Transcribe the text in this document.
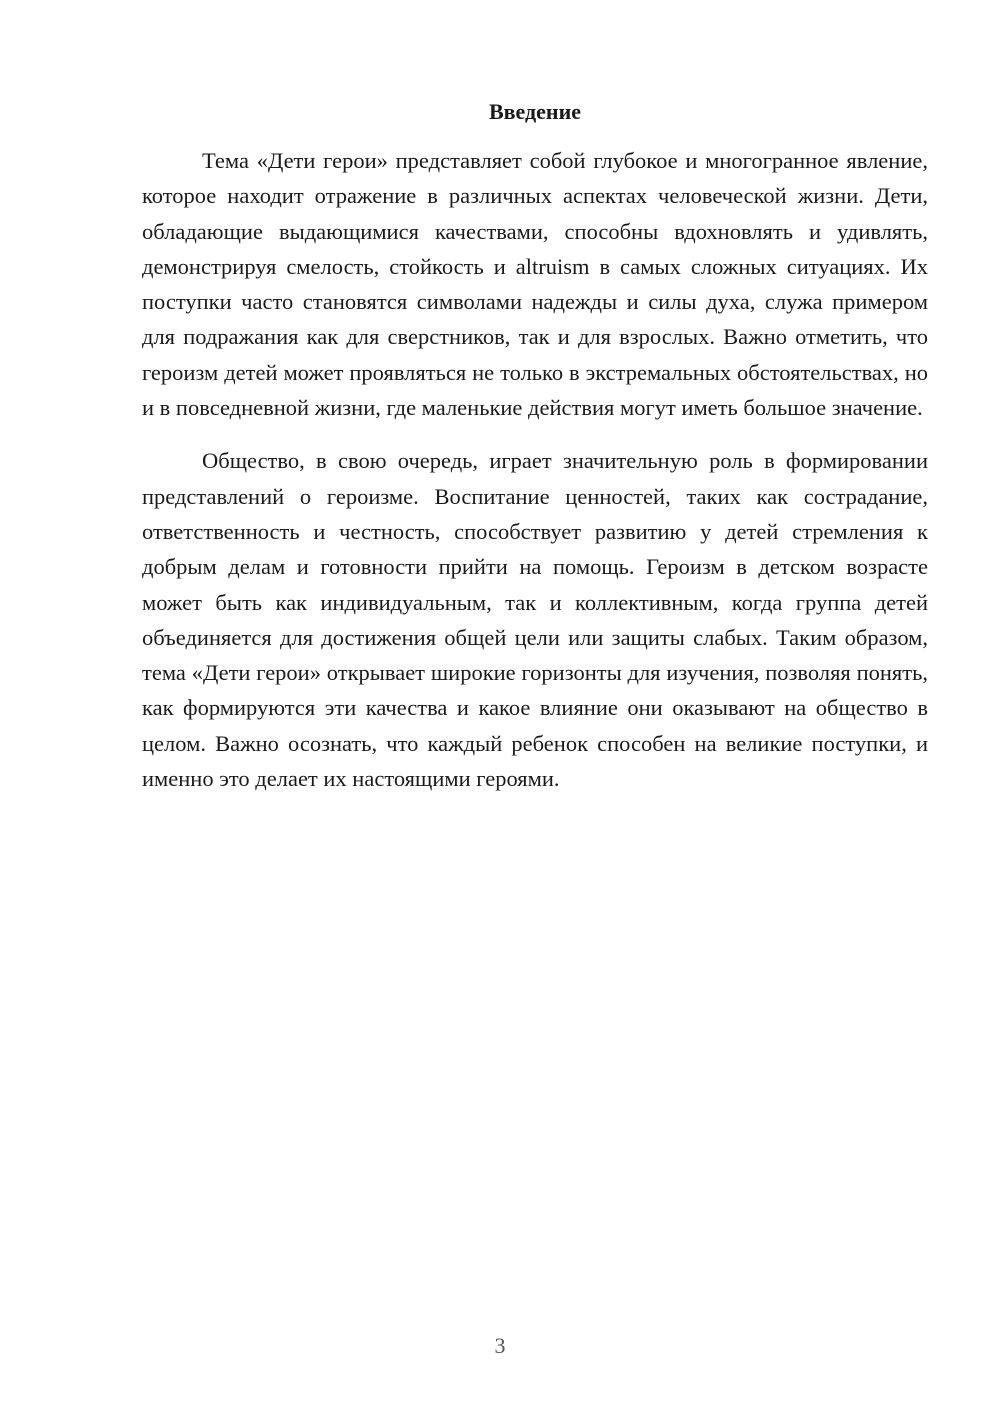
Введение

Тема «Дети герои» представляет собой глубокое и многогранное явление, которое находит отражение в различных аспектах человеческой жизни. Дети, обладающие выдающимися качествами, способны вдохновлять и удивлять, демонстрируя смелость, стойкость и altruism в самых сложных ситуациях. Их поступки часто становятся символами надежды и силы духа, служа примером для подражания как для сверстников, так и для взрослых. Важно отметить, что героизм детей может проявляться не только в экстремальных обстоятельствах, но и в повседневной жизни, где маленькие действия могут иметь большое значение.

Общество, в свою очередь, играет значительную роль в формировании представлений о героизме. Воспитание ценностей, таких как сострадание, ответственность и честность, способствует развитию у детей стремления к добрым делам и готовности прийти на помощь. Героизм в детском возрасте может быть как индивидуальным, так и коллективным, когда группа детей объединяется для достижения общей цели или защиты слабых. Таким образом, тема «Дети герои» открывает широкие горизонты для изучения, позволяя понять, как формируются эти качества и какое влияние они оказывают на общество в целом. Важно осознать, что каждый ребенок способен на великие поступки, и именно это делает их настоящими героями.

3
